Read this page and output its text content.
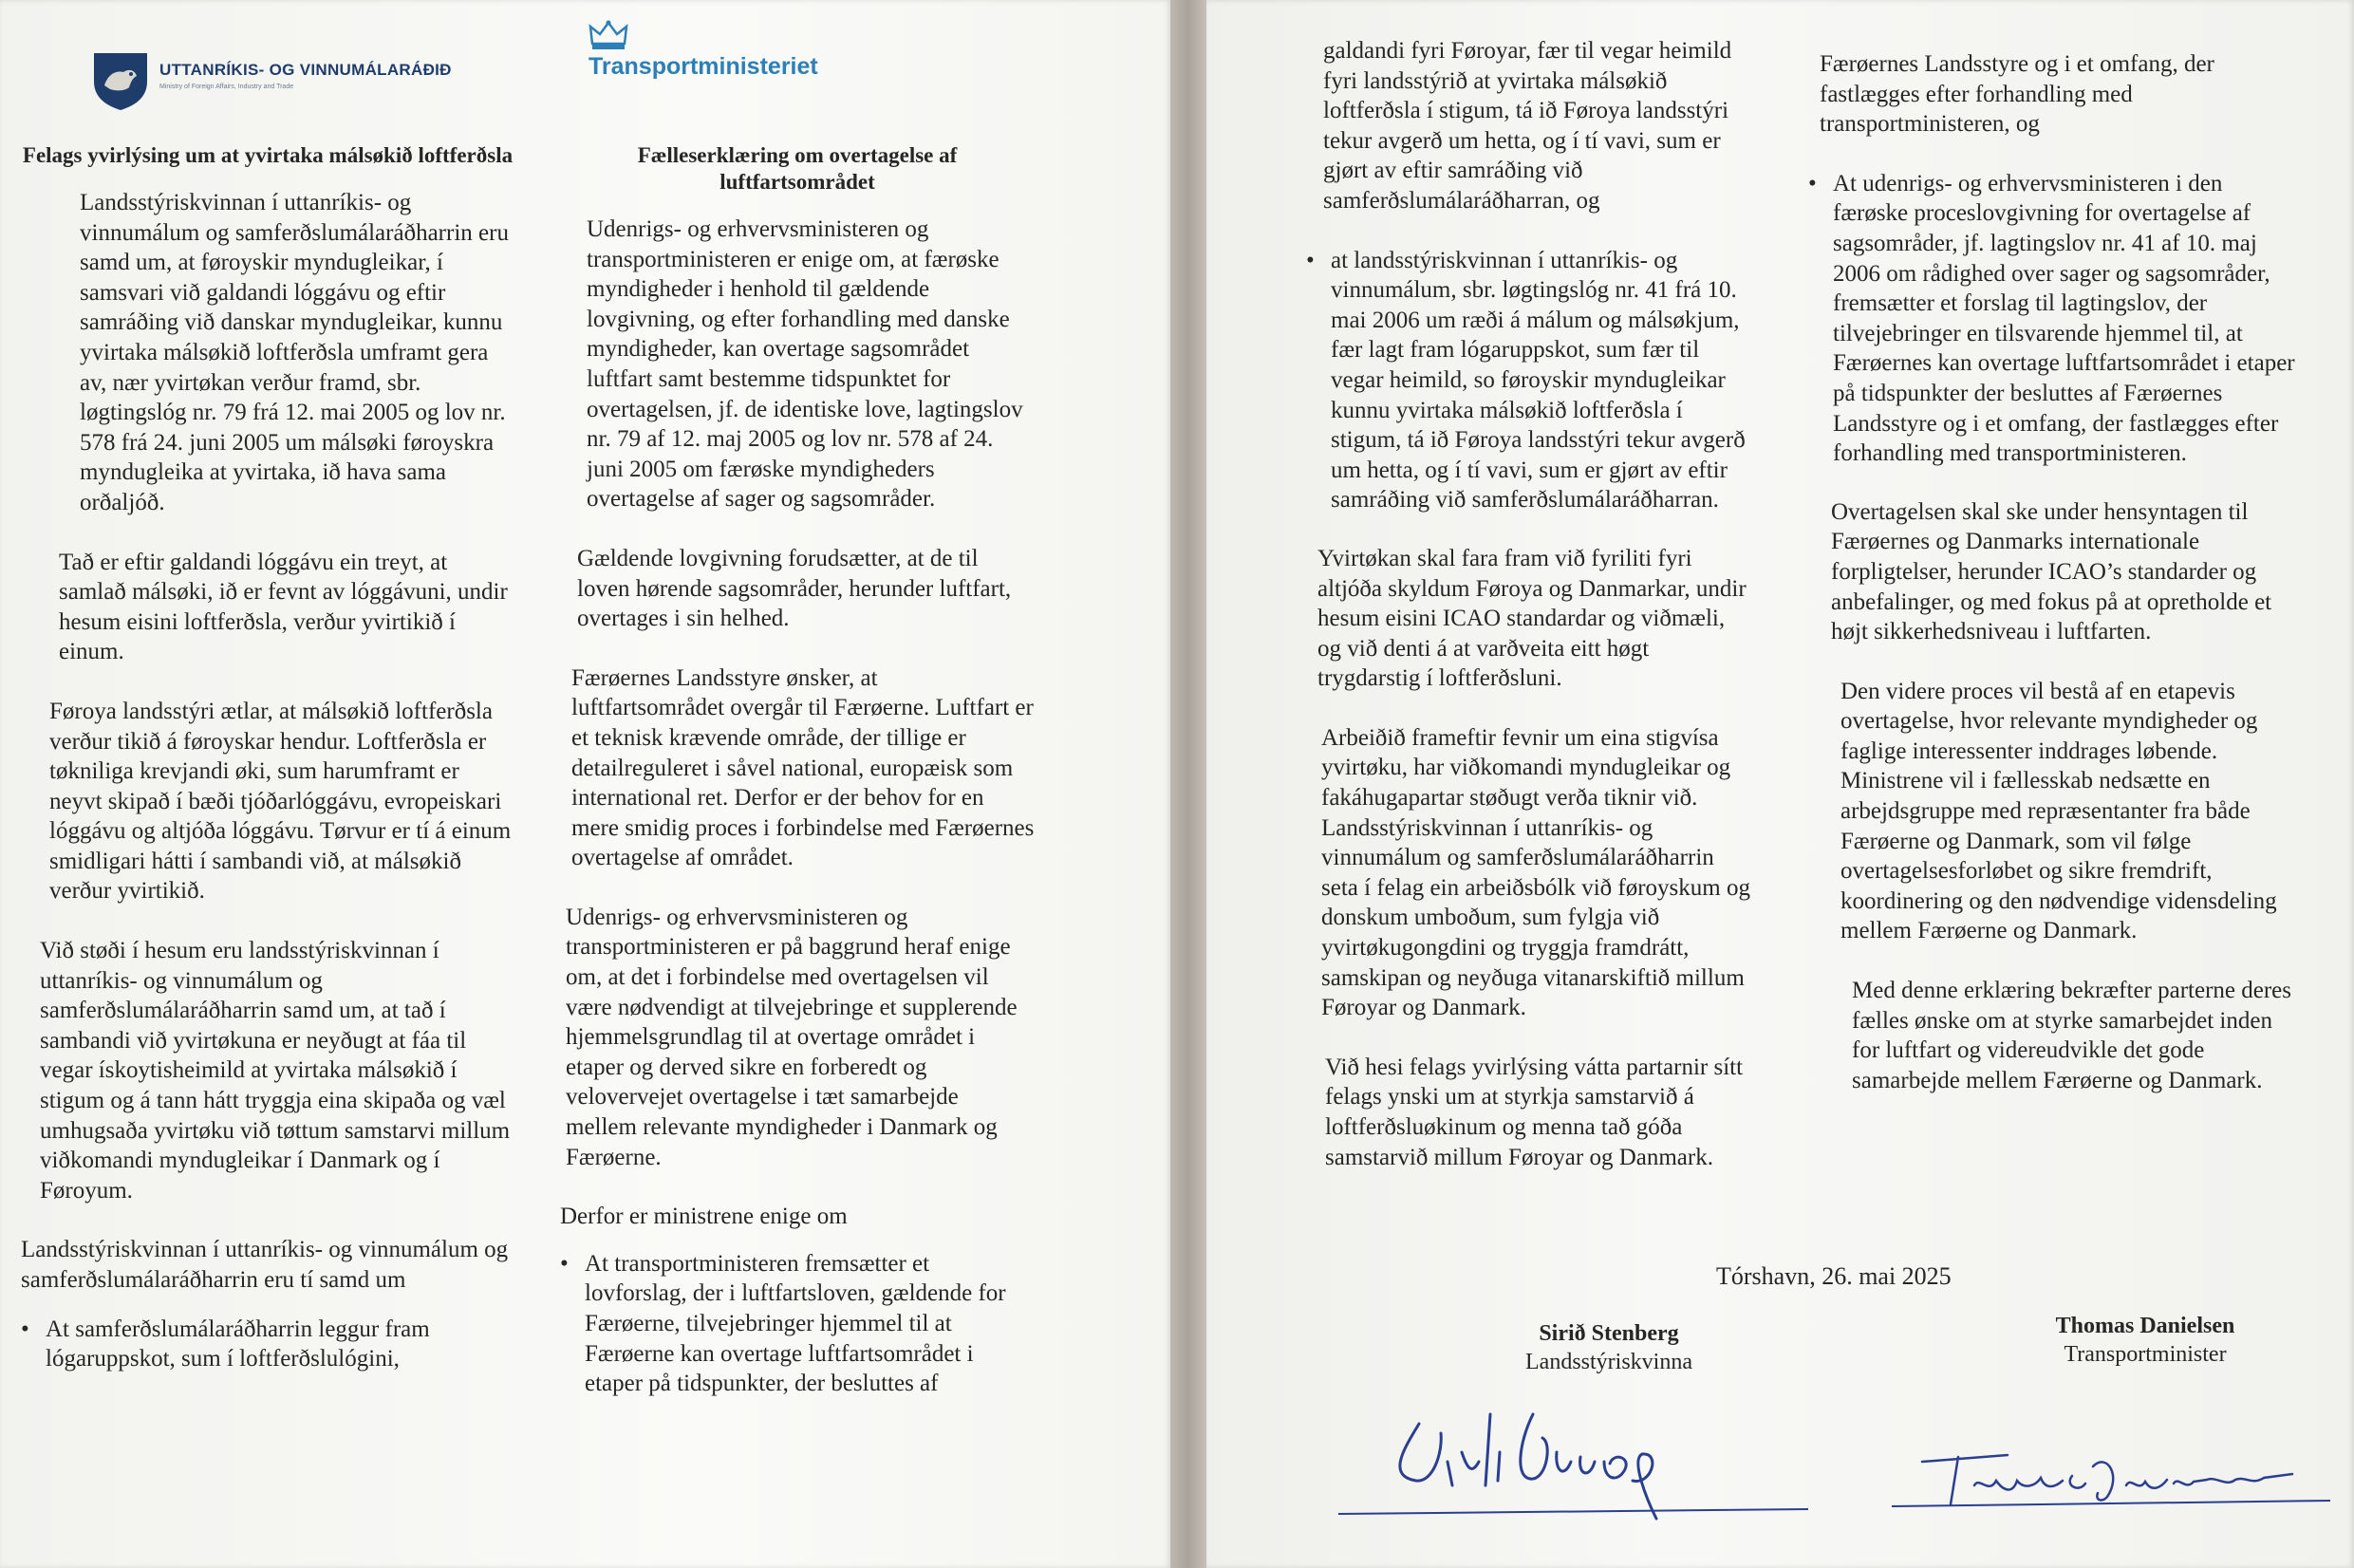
UTTANRÍKIS- OG VINNUMÁLARÁÐIÐ
Ministry of Foreign Affairs, Industry and Trade
Transportministeriet
Felags yvirlýsing um at yvirtaka málsøkið loftferðsla

Landsstýriskvinnan í uttanríkis- og vinnumálum og samferðslumálaráðharrin eru samd um, at føroyskir myndugleikar, í samsvari við galdandi lóggávu og eftir samráðing við danskar myndugleikar, kunnu yvirtaka málsøkið loftferðsla umframt gera av, nær yvirtøkan verður framd, sbr. løgtingslóg nr. 79 frá 12. mai 2005 og lov nr. 578 frá 24. juni 2005 um málsøki føroyskra myndugleika at yvirtaka, ið hava sama orðaljóð.

Tað er eftir galdandi lóggávu ein treyt, at samlað málsøki, ið er fevnt av lóggávuni, undir hesum eisini loftferðsla, verður yvirtikið í einum.

Føroya landsstýri ætlar, at málsøkið loftferðsla verður tikið á føroyskar hendur. Loftferðsla er tøkniliga krevjandi øki, sum harumframt er neyvt skipað í bæði tjóðarlóggávu, evropeiskari lóggávu og altjóða lóggávu. Tørvur er tí á einum smidligari hátti í sambandi við, at málsøkið verður yvirtikið.

Við støði í hesum eru landsstýriskvinnan í uttanríkis- og vinnumálum og samferðslumálaráðharrin samd um, at tað í sambandi við yvirtøkuna er neyðugt at fáa til vegar ískoytisheimild at yvirtaka málsøkið í stigum og á tann hátt tryggja eina skipaða og væl umhugsaða yvirtøku við tøttum samstarvi millum viðkomandi myndugleikar í Danmark og í Føroyum.

Landsstýriskvinnan í uttanríkis- og vinnumálum og samferðslumálaráðharrin eru tí samd um

• At samferðslumálaráðharrin leggur fram lógaruppskot, sum í loftferðslulógini,
Fælleserklæring om overtagelse af luftfartsområdet

Udenrigs- og erhvervsministeren og transportministeren er enige om, at færøske myndigheder i henhold til gældende lovgivning, og efter forhandling med danske myndigheder, kan overtage sagsområdet luftfart samt bestemme tidspunktet for overtagelsen, jf. de identiske love, lagtingslov nr. 79 af 12. maj 2005 og lov nr. 578 af 24. juni 2005 om færøske myndigheders overtagelse af sager og sagsområder.

Gældende lovgivning forudsætter, at de til loven hørende sagsområder, herunder luftfart, overtages i sin helhed.

Færøernes Landsstyre ønsker, at luftfartsområdet overgår til Færøerne. Luftfart er et teknisk krævende område, der tillige er detailreguleret i såvel national, europæisk som international ret. Derfor er der behov for en mere smidig proces i forbindelse med Færøernes overtagelse af området.

Udenrigs- og erhvervsministeren og transportministeren er på baggrund heraf enige om, at det i forbindelse med overtagelsen vil være nødvendigt at tilvejebringe et supplerende hjemmelsgrundlag til at overtage området i etaper og derved sikre en forberedt og velovervejet overtagelse i tæt samarbejde mellem relevante myndigheder i Danmark og Færøerne.

Derfor er ministrene enige om

• At transportministeren fremsætter et lovforslag, der i luftfartsloven, gældende for Færøerne, tilvejebringer hjemmel til at Færøerne kan overtage luftfartsområdet i etaper på tidspunkter, der besluttes af

galdandi fyri Føroyar, fær til vegar heimild fyri landsstýrið at yvirtaka málsøkið loftferðsla í stigum, tá ið Føroya landsstýri tekur avgerð um hetta, og í tí vavi, sum er gjørt av eftir samráðing við samferðslumálaráðharran, og

• at landsstýriskvinnan í uttanríkis- og vinnumálum, sbr. løgtingslóg nr. 41 frá 10. mai 2006 um ræði á málum og málsøkjum, fær lagt fram lógaruppskot, sum fær til vegar heimild, so føroyskir myndugleikar kunnu yvirtaka málsøkið loftferðsla í stigum, tá ið Føroya landsstýri tekur avgerð um hetta, og í tí vavi, sum er gjørt av eftir samráðing við samferðslumálaráðharran.

Yvirtøkan skal fara fram við fyriliti fyri altjóða skyldum Føroya og Danmarkar, undir hesum eisini ICAO standardar og viðmæli, og við denti á at varðveita eitt høgt trygdarstig í loftferðsluni.

Arbeiðið frameftir fevnir um eina stigvísa yvirtøku, har viðkomandi myndugleikar og fakáhugapartar støðugt verða tiknir við. Landsstýriskvinnan í uttanríkis- og vinnumálum og samferðslumálaráðharrin seta í felag ein arbeiðsbólk við føroyskum og donskum umboðum, sum fylgja við yvirtøkugongdini og tryggja framdrátt, samskipan og neyðuga vitanarskiftið millum Føroyar og Danmark.

Við hesi felags yvirlýsing vátta partarnir sítt felags ynski um at styrkja samstarvið á loftferðsluøkinum og menna tað góða samstarvið millum Føroyar og Danmark.

Færøernes Landsstyre og i et omfang, der fastlægges efter forhandling med transportministeren, og

• At udenrigs- og erhvervsministeren i den færøske proceslovgivning for overtagelse af sagsområder, jf. lagtingslov nr. 41 af 10. maj 2006 om rådighed over sager og sagsområder, fremsætter et forslag til lagtingslov, der tilvejebringer en tilsvarende hjemmel til, at Færøernes kan overtage luftfartsområdet i etaper på tidspunkter der besluttes af Færøernes Landsstyre og i et omfang, der fastlægges efter forhandling med transportministeren.

Overtagelsen skal ske under hensyntagen til Færøernes og Danmarks internationale forpligtelser, herunder ICAO’s standarder og anbefalinger, og med fokus på at opretholde et højt sikkerhedsniveau i luftfarten.

Den videre proces vil bestå af en etapevis overtagelse, hvor relevante myndigheder og faglige interessenter inddrages løbende. Ministrene vil i fællesskab nedsætte en arbejdsgruppe med repræsentanter fra både Færøerne og Danmark, som vil følge overtagelsesforløbet og sikre fremdrift, koordinering og den nødvendige vidensdeling mellem Færøerne og Danmark.

Med denne erklæring bekræfter parterne deres fælles ønske om at styrke samarbejdet inden for luftfart og videreudvikle det gode samarbejde mellem Færøerne og Danmark.

Tórshavn, 26. mai 2025
Sirið Stenberg
Landsstýriskvinna
Thomas Danielsen
Transportminister
